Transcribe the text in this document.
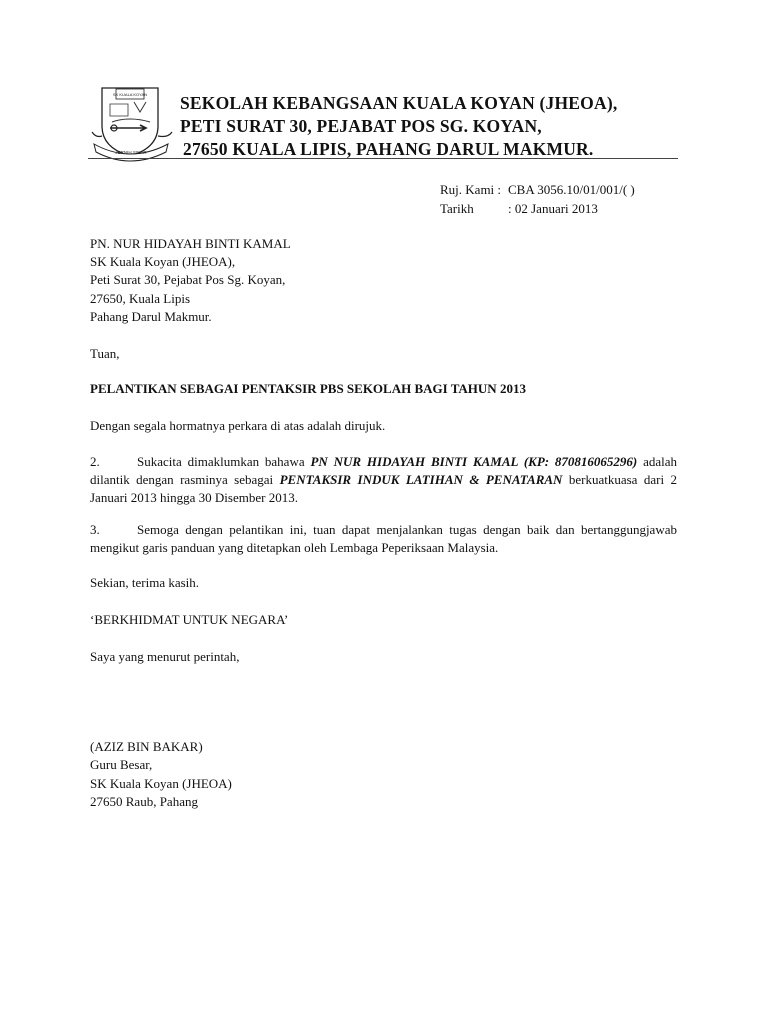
SK KUALA KOYAN
JERNIH SINAR
SEKOLAH KEBANGSAAN KUALA KOYAN (JHEOA),
PETI SURAT 30, PEJABAT POS SG. KOYAN,
27650 KUALA LIPIS, PAHANG DARUL MAKMUR.
Ruj. Kami : CBA 3056.10/01/001/( )
Tarikh	: 02 Januari 2013
PN. NUR HIDAYAH BINTI KAMAL
SK Kuala Koyan (JHEOA),
Peti Surat 30, Pejabat Pos Sg. Koyan,
27650, Kuala Lipis
Pahang Darul Makmur.
Tuan,
PELANTIKAN SEBAGAI PENTAKSIR PBS SEKOLAH BAGI TAHUN 2013
Dengan segala hormatnya perkara di atas adalah dirujuk.
2.	Sukacita dimaklumkan bahawa PN NUR HIDAYAH BINTI KAMAL (KP: 870816065296) adalah dilantik dengan rasminya sebagai PENTAKSIR INDUK LATIHAN & PENATARAN berkuatkuasa dari 2 Januari 2013 hingga 30 Disember 2013.
3.	Semoga dengan pelantikan ini, tuan dapat menjalankan tugas dengan baik dan bertanggungjawab mengikut garis panduan yang ditetapkan oleh Lembaga Peperiksaan Malaysia.
Sekian, terima kasih.
‘BERKHIDMAT UNTUK NEGARA’
Saya yang menurut perintah,
(AZIZ BIN BAKAR)
Guru Besar,
SK Kuala Koyan (JHEOA)
27650 Raub, Pahang
